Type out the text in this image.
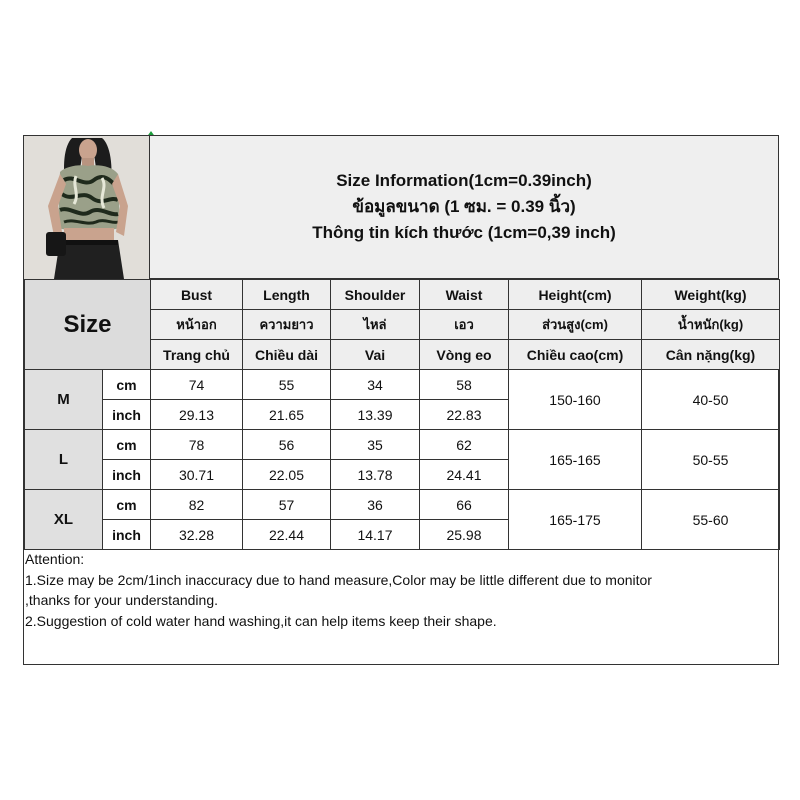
Size Information(1cm=0.39inch)
ข้อมูลขนาด (1 ซม. = 0.39 นิ้ว)
Thông tin kích thước (1cm=0,39 inch)
Size		Bust	Length	Shoulder	Waist	Height(cm)	Weight(kg)
		หน้าอก	ความยาว	ไหล่	เอว	ส่วนสูง(cm)	น้ำหนัก(kg)
		Trang chủ	Chiều dài	Vai	Vòng eo	Chiều cao(cm)	Cân nặng(kg)
M	cm	74	55	34	58	150-160	40-50
	inch	29.13	21.65	13.39	22.83		
L	cm	78	56	35	62	165-165	50-55
	inch	30.71	22.05	13.78	24.41		
XL	cm	82	57	36	66	165-175	55-60
	inch	32.28	22.44	14.17	25.98		
Attention:
1.Size may be 2cm/1inch inaccuracy due to hand measure,Color may be little different due to monitor
,thanks for your understanding.
2.Suggestion of cold water hand washing,it can help items keep their shape.
